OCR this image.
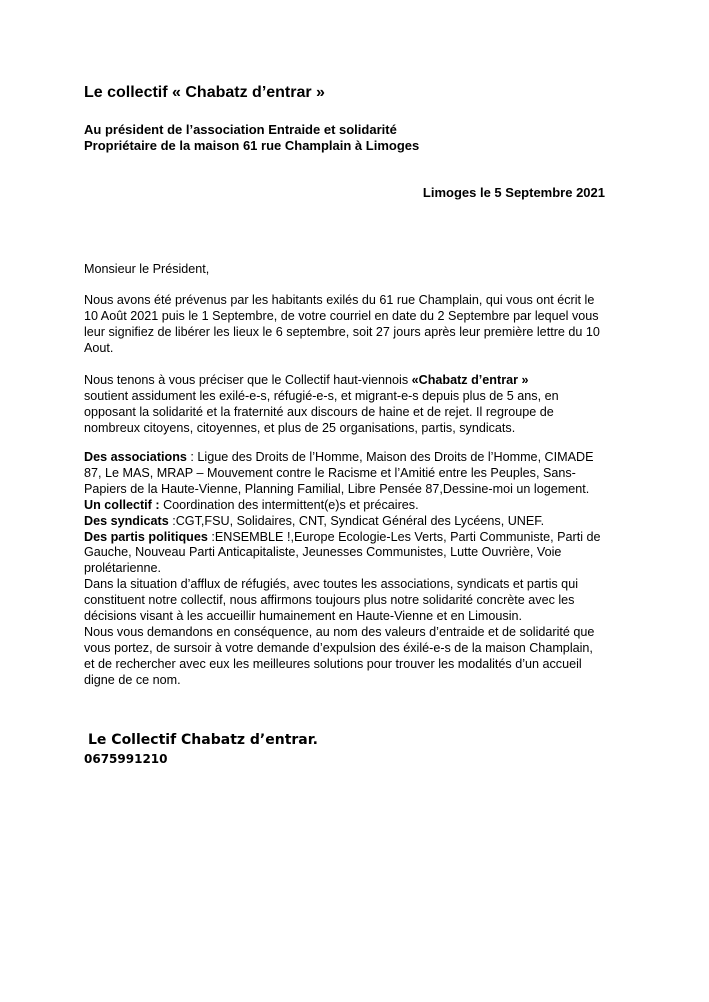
Le collectif « Chabatz d’entrar »
Au président de l’association Entraide et solidarité
Propriétaire de la maison 61 rue Champlain à Limoges
Limoges le 5 Septembre 2021
Monsieur le Président,
Nous avons été prévenus par les habitants exilés du 61 rue Champlain, qui vous ont écrit le
10 Août 2021 puis le 1 Septembre, de votre courriel en date du 2 Septembre par lequel vous
leur signifiez de libérer les lieux le 6 septembre, soit 27 jours après leur première lettre du 10
Aout.
Nous tenons à vous préciser que le Collectif haut-viennois «Chabatz d’entrar »
soutient assidument les exilé-e-s, réfugié-e-s, et migrant-e-s depuis plus de 5 ans, en
opposant la solidarité et la fraternité aux discours de haine et de rejet. Il regroupe de
nombreux citoyens, citoyennes, et plus de 25 organisations, partis, syndicats.
Des associations : Ligue des Droits de l’Homme, Maison des Droits de l’Homme, CIMADE
87, Le MAS, MRAP – Mouvement contre le Racisme et l’Amitié entre les Peuples, Sans-
Papiers de la Haute-Vienne, Planning Familial, Libre Pensée 87,Dessine-moi un logement.
Un collectif : Coordination des intermittent(e)s et précaires.
Des syndicats :CGT,FSU, Solidaires, CNT, Syndicat Général des Lycéens, UNEF.
Des partis politiques :ENSEMBLE !,Europe Ecologie-Les Verts, Parti Communiste, Parti de
Gauche, Nouveau Parti Anticapitaliste, Jeunesses Communistes, Lutte Ouvrière, Voie
prolétarienne.
Dans la situation d’afflux de réfugiés, avec toutes les associations, syndicats et partis qui
constituent notre collectif, nous affirmons toujours plus notre solidarité concrète avec les
décisions visant à les accueillir humainement en Haute-Vienne et en Limousin.
Nous vous demandons en conséquence, au nom des valeurs d’entraide et de solidarité que
vous portez, de sursoir à votre demande d’expulsion des éxilé-e-s de la maison Champlain,
et de rechercher avec eux les meilleures solutions pour trouver les modalités d’un accueil
digne de ce nom.
Le Collectif Chabatz d’entrar.
0675991210
